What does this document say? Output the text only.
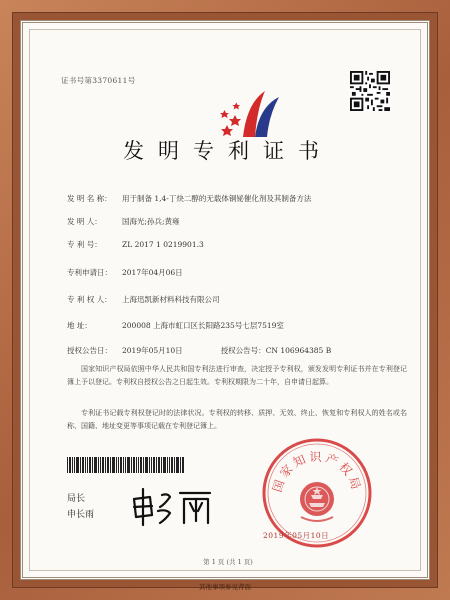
证书号第3370611号
发明专利证书
发 明 名 称： 用于制备 1,4-丁炔二醇的无载体铜铋催化剂及其制备方法
发 明 人：	国海光;孙兵;黄雍
专 利 号：	ZL 2017 1 0219901.3
专利申请日： 2017年04月06日
专 利 权 人： 上海迅凯新材料科技有限公司
地 址：	200008 上海市虹口区长阳路235号七层7519室
授权公告日： 2019年05月10日	授权公告号：CN 106964385 B
国家知识产权局依照中华人民共和国专利法进行审查，决定授予专利权，颁发发明专利证书并在专利登记簿上予以登记。专利权自授权公告之日起生效。专利权期限为二十年，自申请日起算。
专利证书记载专利权登记时的法律状况。专利权的转移、质押、无效、终止、恢复和专利权人的姓名或名称、国籍、地址变更等事项记载在专利登记簿上。
局长
申长雨
国家知识产权局
2019年05月10日
第 1 页 (共 1 页)
其他事项参见背面
